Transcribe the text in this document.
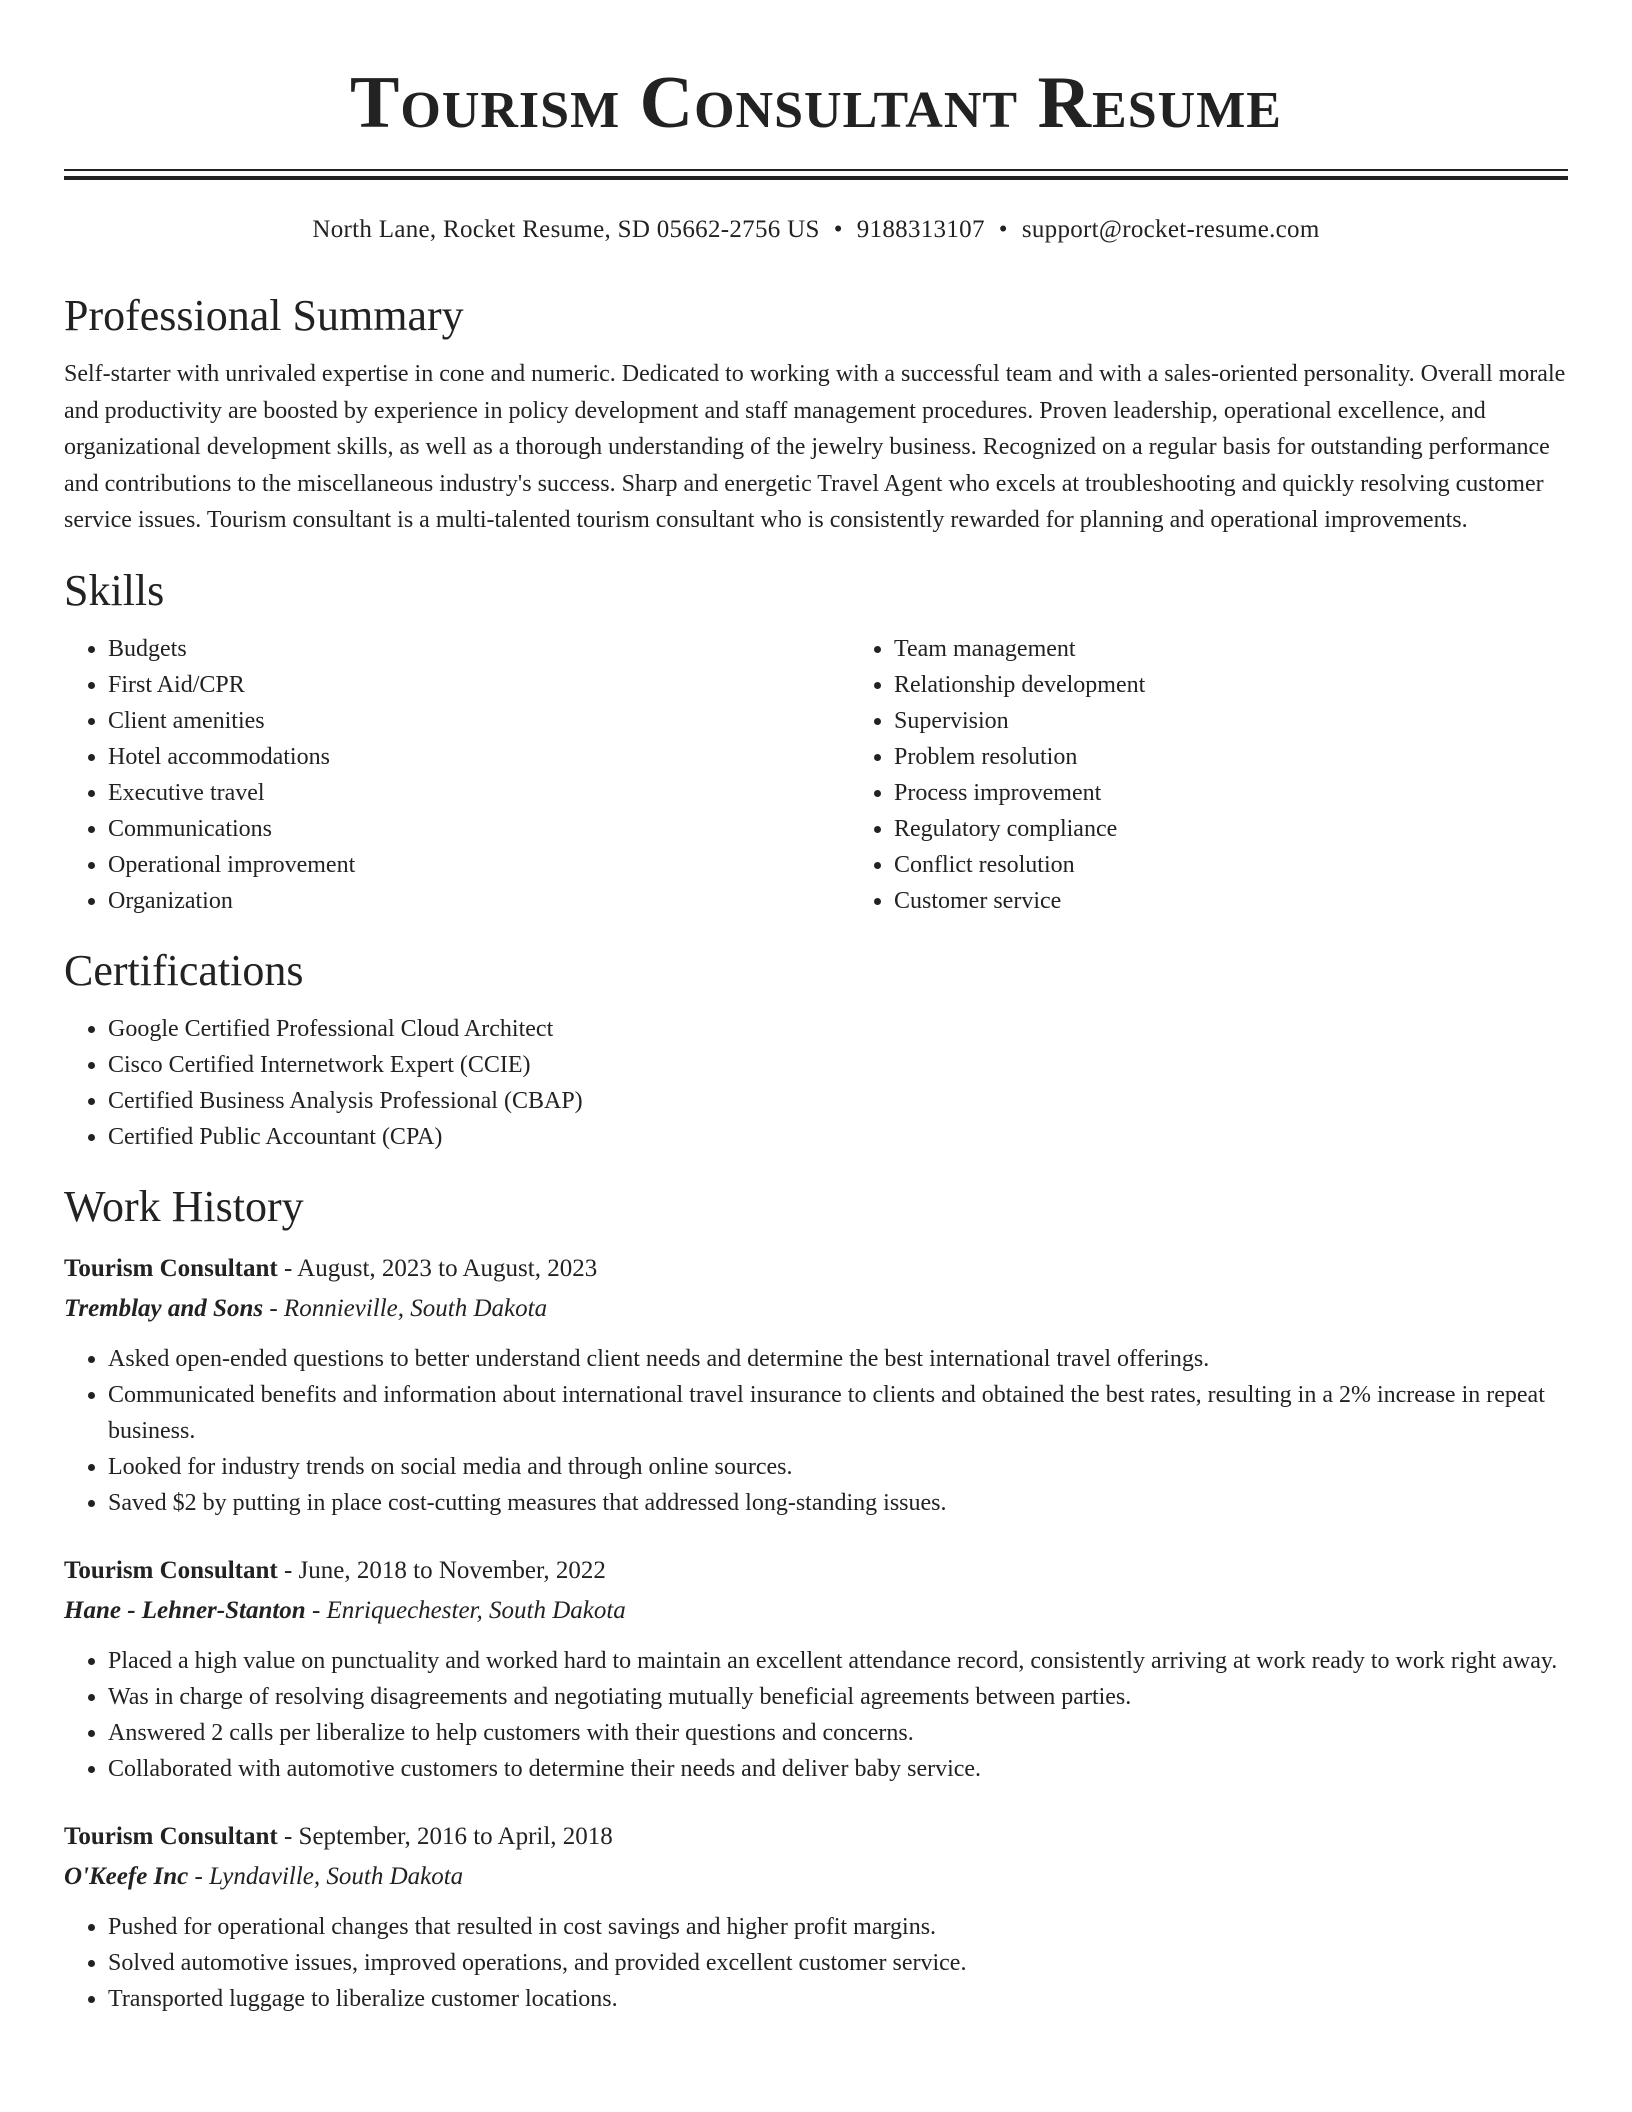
Tourism Consultant Resume
North Lane, Rocket Resume, SD 05662-2756 US • 9188313107 • support@rocket-resume.com
Professional Summary

Self-starter with unrivaled expertise in cone and numeric. Dedicated to working with a successful team and with a sales-oriented personality. Overall morale and productivity are boosted by experience in policy development and staff management procedures. Proven leadership, operational excellence, and organizational development skills, as well as a thorough understanding of the jewelry business. Recognized on a regular basis for outstanding performance and contributions to the miscellaneous industry's success. Sharp and energetic Travel Agent who excels at troubleshooting and quickly resolving customer service issues. Tourism consultant is a multi-talented tourism consultant who is consistently rewarded for planning and operational improvements.

Skills
• Budgets
• First Aid/CPR
• Client amenities
• Hotel accommodations
• Executive travel
• Communications
• Operational improvement
• Organization
• Team management
• Relationship development
• Supervision
• Problem resolution
• Process improvement
• Regulatory compliance
• Conflict resolution
• Customer service
Certifications
• Google Certified Professional Cloud Architect
• Cisco Certified Internetwork Expert (CCIE)
• Certified Business Analysis Professional (CBAP)
• Certified Public Accountant (CPA)
Work History
Tourism Consultant - August, 2023 to August, 2023
Tremblay and Sons - Ronnieville, South Dakota
• Asked open-ended questions to better understand client needs and determine the best international travel offerings.
• Communicated benefits and information about international travel insurance to clients and obtained the best rates, resulting in a 2% increase in repeat business.
• Looked for industry trends on social media and through online sources.
• Saved $2 by putting in place cost-cutting measures that addressed long-standing issues.
Tourism Consultant - June, 2018 to November, 2022
Hane - Lehner-Stanton - Enriquechester, South Dakota
• Placed a high value on punctuality and worked hard to maintain an excellent attendance record, consistently arriving at work ready to work right away.
• Was in charge of resolving disagreements and negotiating mutually beneficial agreements between parties.
• Answered 2 calls per liberalize to help customers with their questions and concerns.
• Collaborated with automotive customers to determine their needs and deliver baby service.
Tourism Consultant - September, 2016 to April, 2018
O'Keefe Inc - Lyndaville, South Dakota
• Pushed for operational changes that resulted in cost savings and higher profit margins.
• Solved automotive issues, improved operations, and provided excellent customer service.
• Transported luggage to liberalize customer locations.
